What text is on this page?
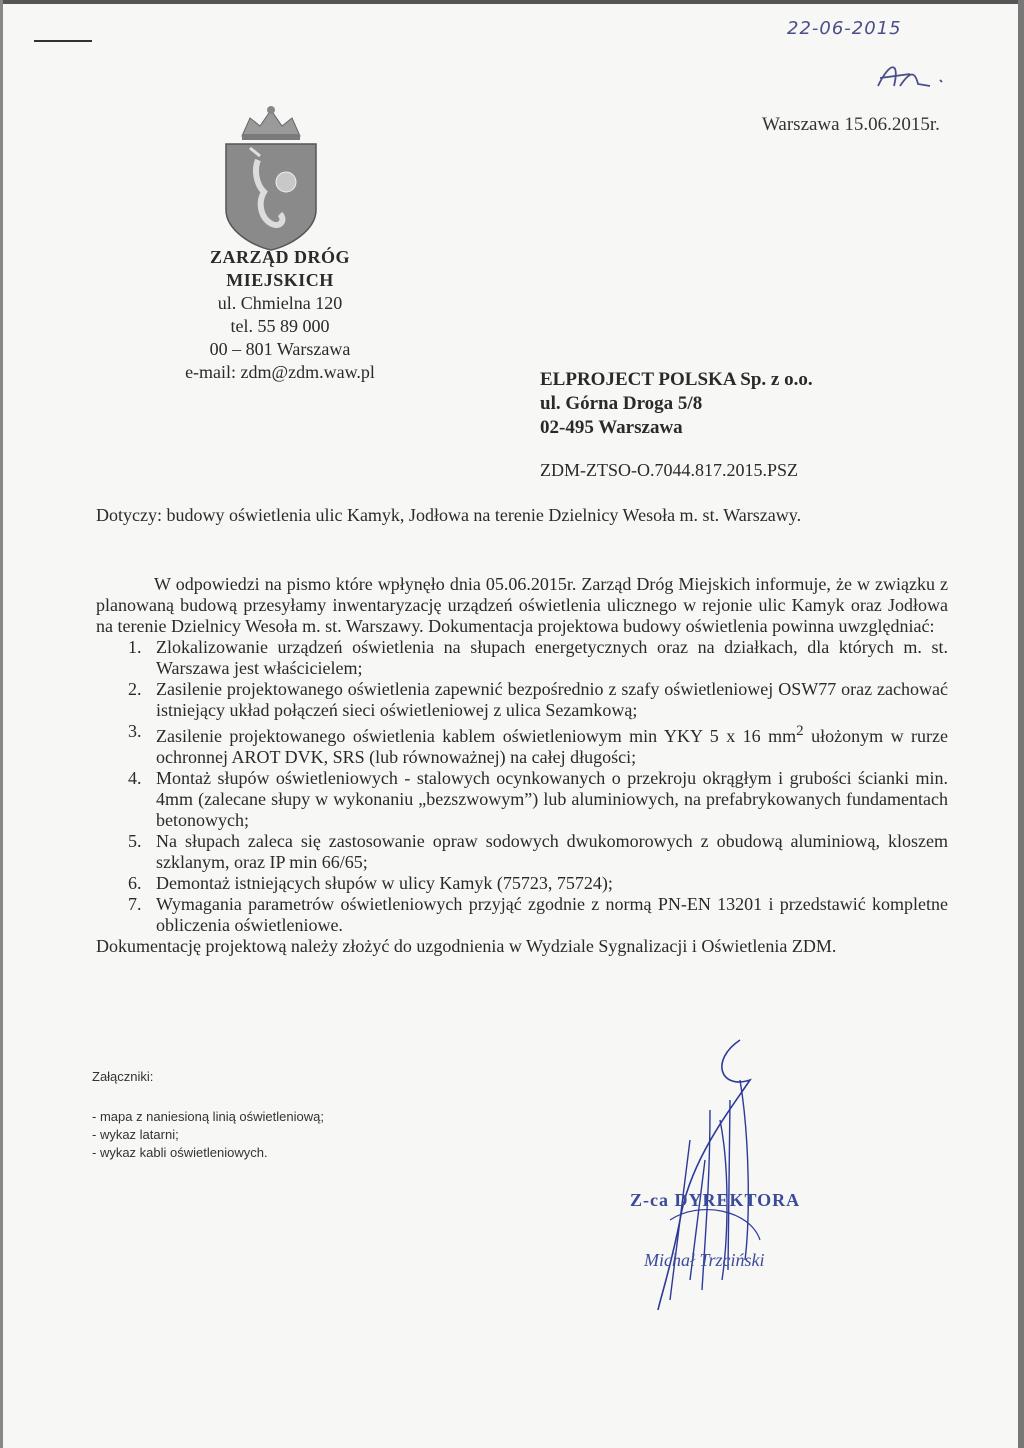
22-06-2015
Warszawa 15.06.2015r.
ZARZĄD DRÓG MIEJSKICH
ul. Chmielna 120
tel. 55 89 000
00 – 801 Warszawa
e-mail: zdm@zdm.waw.pl	ELPROJECT POLSKA Sp. z o.o.
ul. Górna Droga 5/8
02-495 Warszawa
ZDM-ZTSO-O.7044.817.2015.PSZ
Dotyczy: budowy oświetlenia ulic Kamyk, Jodłowa na terenie Dzielnicy Wesoła m. st. Warszawy.

W odpowiedzi na pismo które wpłynęło dnia 05.06.2015r. Zarząd Dróg Miejskich informuje, że w związku z planowaną budową przesyłamy inwentaryzację urządzeń oświetlenia ulicznego w rejonie ulic Kamyk oraz Jodłowa na terenie Dzielnicy Wesoła m. st. Warszawy. Dokumentacja projektowa budowy oświetlenia powinna uwzględniać:

1. Zlokalizowanie urządzeń oświetlenia na słupach energetycznych oraz na działkach, dla których m. st. Warszawa jest właścicielem;
2. Zasilenie projektowanego oświetlenia zapewnić bezpośrednio z szafy oświetleniowej OSW77 oraz zachować istniejący układ połączeń sieci oświetleniowej z ulica Sezamkową;
3. Zasilenie projektowanego oświetlenia kablem oświetleniowym min YKY 5 x 16 $mm^2$ ułożonym w rurze ochronnej AROT DVK, SRS (lub równoważnej) na całej długości;
4. Montaż słupów oświetleniowych - stalowych ocynkowanych o przekroju okrągłym i grubości ścianki min. 4mm (zalecane słupy w wykonaniu „bezszwowym”) lub aluminiowych, na prefabrykowanych fundamentach betonowych;
5. Na słupach zaleca się zastosowanie opraw sodowych dwukomorowych z obudową aluminiową, kloszem szklanym, oraz IP min 66/65;
6. Demontaż istniejących słupów w ulicy Kamyk (75723, 75724);
7. Wymagania parametrów oświetleniowych przyjąć zgodnie z normą PN-EN 13201 i przedstawić kompletne obliczenia oświetleniowe.

Dokumentację projektową należy złożyć do uzgodnienia w Wydziale Sygnalizacji i Oświetlenia ZDM.

Załączniki:
- mapa z naniesioną linią oświetleniową;
- wykaz latarni;
- wykaz kabli oświetleniowych.
Z-ca DYREKTORA
Michał Trzciński
